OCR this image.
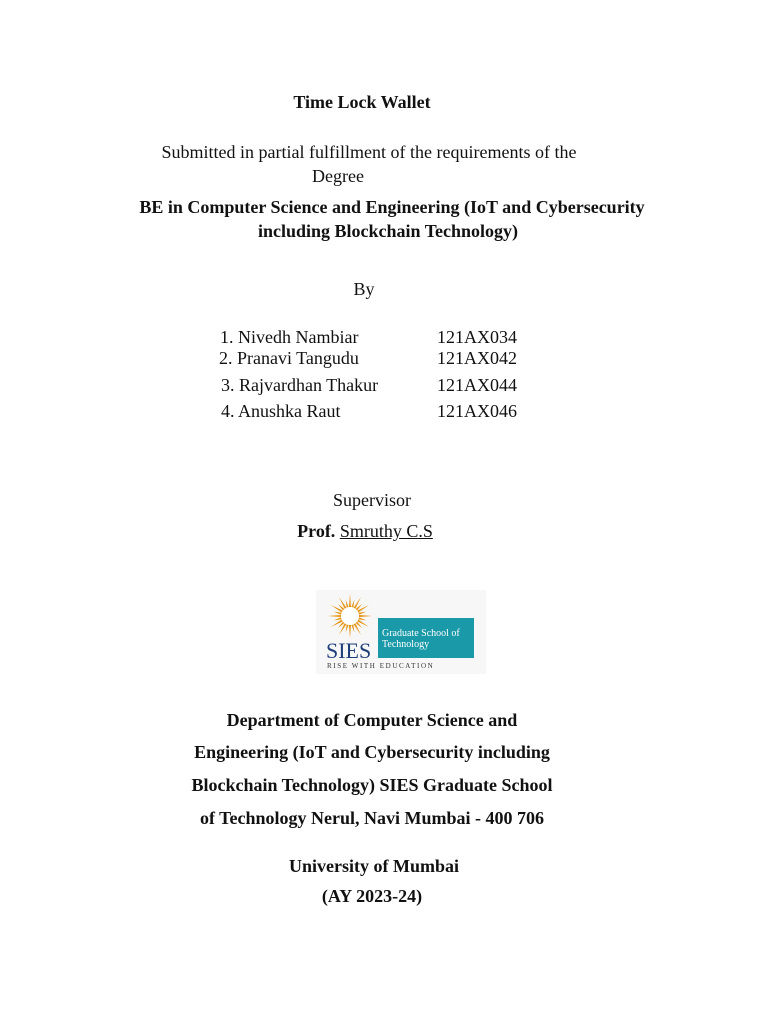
Time Lock Wallet
Submitted in partial fulfillment of the requirements of the
Degree
BE in Computer Science and Engineering (IoT and Cybersecurity
including Blockchain Technology)
By
1. Nivedh Nambiar	121AX034
2. Pranavi Tangudu	121AX042
3. Rajvardhan Thakur	121AX044
4. Anushka Raut	121AX046
Supervisor
Prof. Smruthy C.S
Graduate School of
Technology
SIES
RISE WITH EDUCATION
Department of Computer Science and
Engineering (IoT and Cybersecurity including
Blockchain Technology) SIES Graduate School
of Technology Nerul, Navi Mumbai - 400 706
University of Mumbai
(AY 2023-24)
